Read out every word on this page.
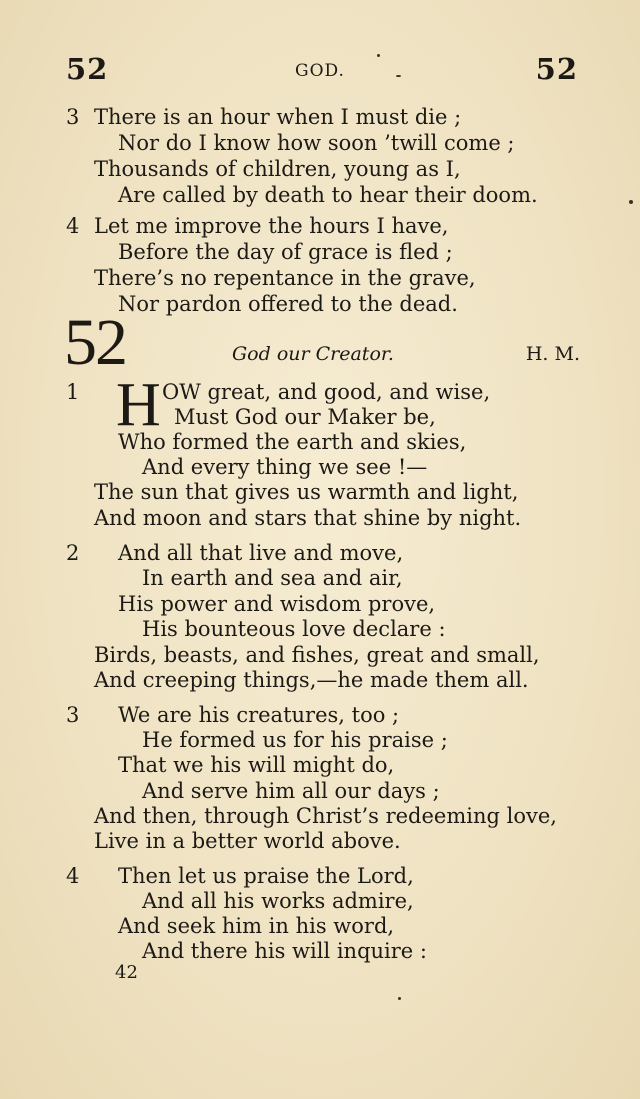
52	GOD.	52
3 There is an hour when I must die ;
Nor do I know how soon ’twill come ;
Thousands of children, young as I,
Are called by death to hear their doom.
4 Let me improve the hours I have,
Before the day of grace is fled ;
There’s no repentance in the grave,
Nor pardon offered to the dead.
52	God our Creator.	H. M.
1 H OW great, and good, and wise,
Must God our Maker be,
Who formed the earth and skies,
And every thing we see !—
The sun that gives us warmth and light,
And moon and stars that shine by night.
2 And all that live and move,
In earth and sea and air,
His power and wisdom prove,
His bounteous love declare :
Birds, beasts, and fishes, great and small,
And creeping things,—he made them all.
3 We are his creatures, too ;
He formed us for his praise ;
That we his will might do,
And serve him all our days ;
And then, through Christ’s redeeming love,
Live in a better world above.
4 Then let us praise the Lord,
And all his works admire,
And seek him in his word,
And there his will inquire :
42
